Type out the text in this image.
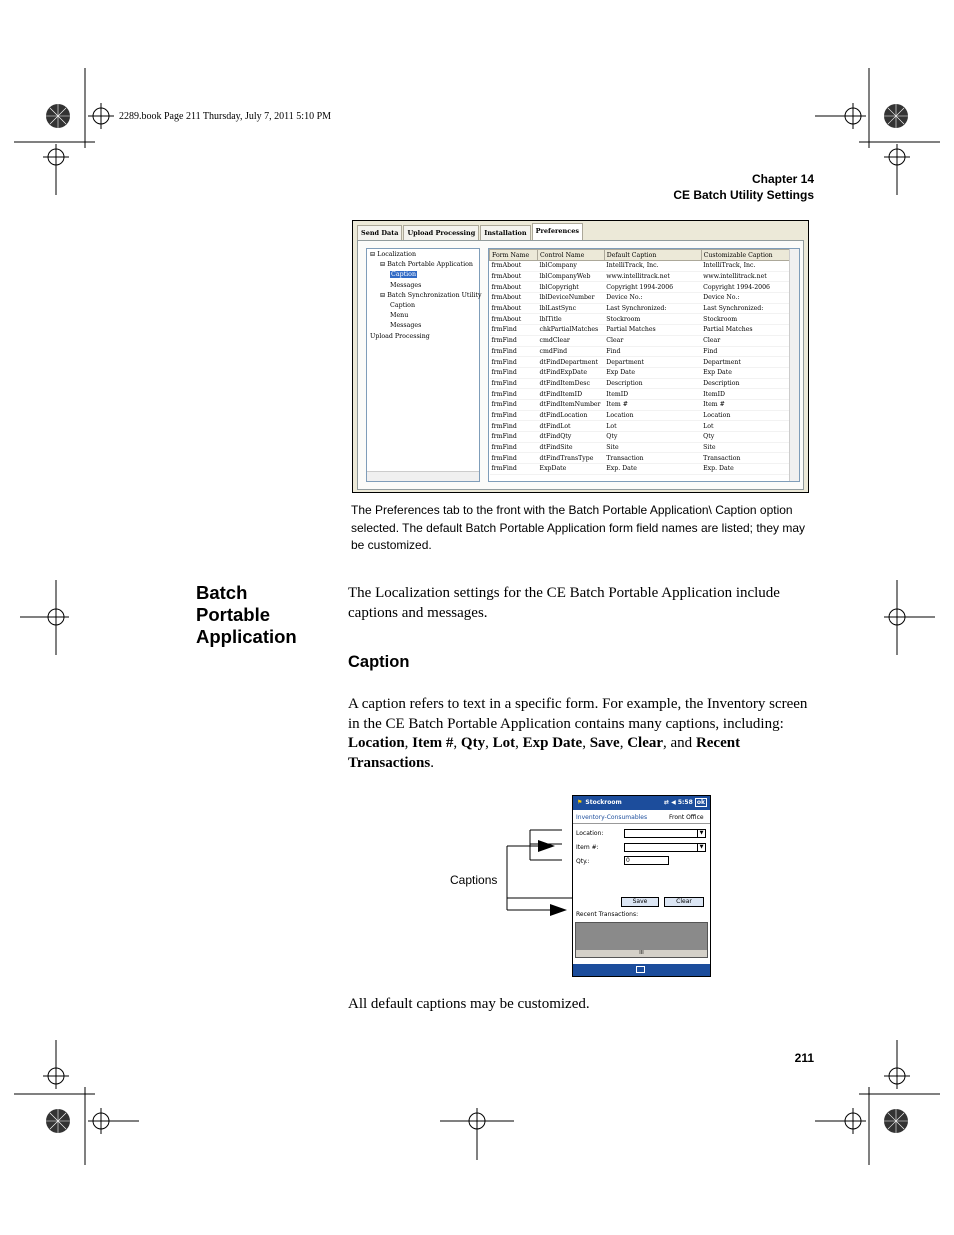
2289.book Page 211 Thursday, July 7, 2011 5:10 PM
Chapter 14
CE Batch Utility Settings
Send Data	Upload Processing	Installation	Preferences
⊟ Localization
⊟ Batch Portable Application
Caption
Messages
⊟ Batch Synchronization Utility
Caption
Menu
Messages
Upload Processing
Form Name	Control Name	Default Caption	Customizable Caption
frmAbout	lblCompany	IntelliTrack, Inc.	IntelliTrack, Inc.
frmAbout	lblCompanyWeb	www.intellitrack.net	www.intellitrack.net
frmAbout	lblCopyright	Copyright 1994-2006	Copyright 1994-2006
frmAbout	lblDeviceNumber	Device No.:	Device No.:
frmAbout	lblLastSync	Last Synchronized:	Last Synchronized:
frmAbout	lblTitle	Stockroom	Stockroom
frmFind	chkPartialMatches	Partial Matches	Partial Matches
frmFind	cmdClear	Clear	Clear
frmFind	cmdFind	Find	Find
frmFind	dtFindDepartment	Department	Department
frmFind	dtFindExpDate	Exp Date	Exp Date
frmFind	dtFindItemDesc	Description	Description
frmFind	dtFindItemID	ItemID	ItemID
frmFind	dtFindItemNumber	Item #	Item #
frmFind	dtFindLocation	Location	Location
frmFind	dtFindLot	Lot	Lot
frmFind	dtFindQty	Qty	Qty
frmFind	dtFindSite	Site	Site
frmFind	dtFindTransType	Transaction	Transaction
frmFind	ExpDate	Exp. Date	Exp. Date
The Preferences tab to the front with the Batch Portable Application\ Caption option selected. The default Batch Portable Application form field names are listed; they may be customized.
Batch
Portable
Application
The Localization settings for the CE Batch Portable Application include captions and messages.
Caption
A caption refers to text in a specific form. For example, the Inventory screen in the CE Batch Portable Application contains many captions, including: Location, Item #, Qty, Lot, Exp Date, Save, Clear, and Recent Transactions.
⚑ Stockroom	⇄ ◀ 5:58 ok
Inventory-Consumables	Front Office
Location:	▼
Item #:	▼
Qty.:	0
Save	Clear
Recent Transactions:
III
Captions
All default captions may be customized.
211
